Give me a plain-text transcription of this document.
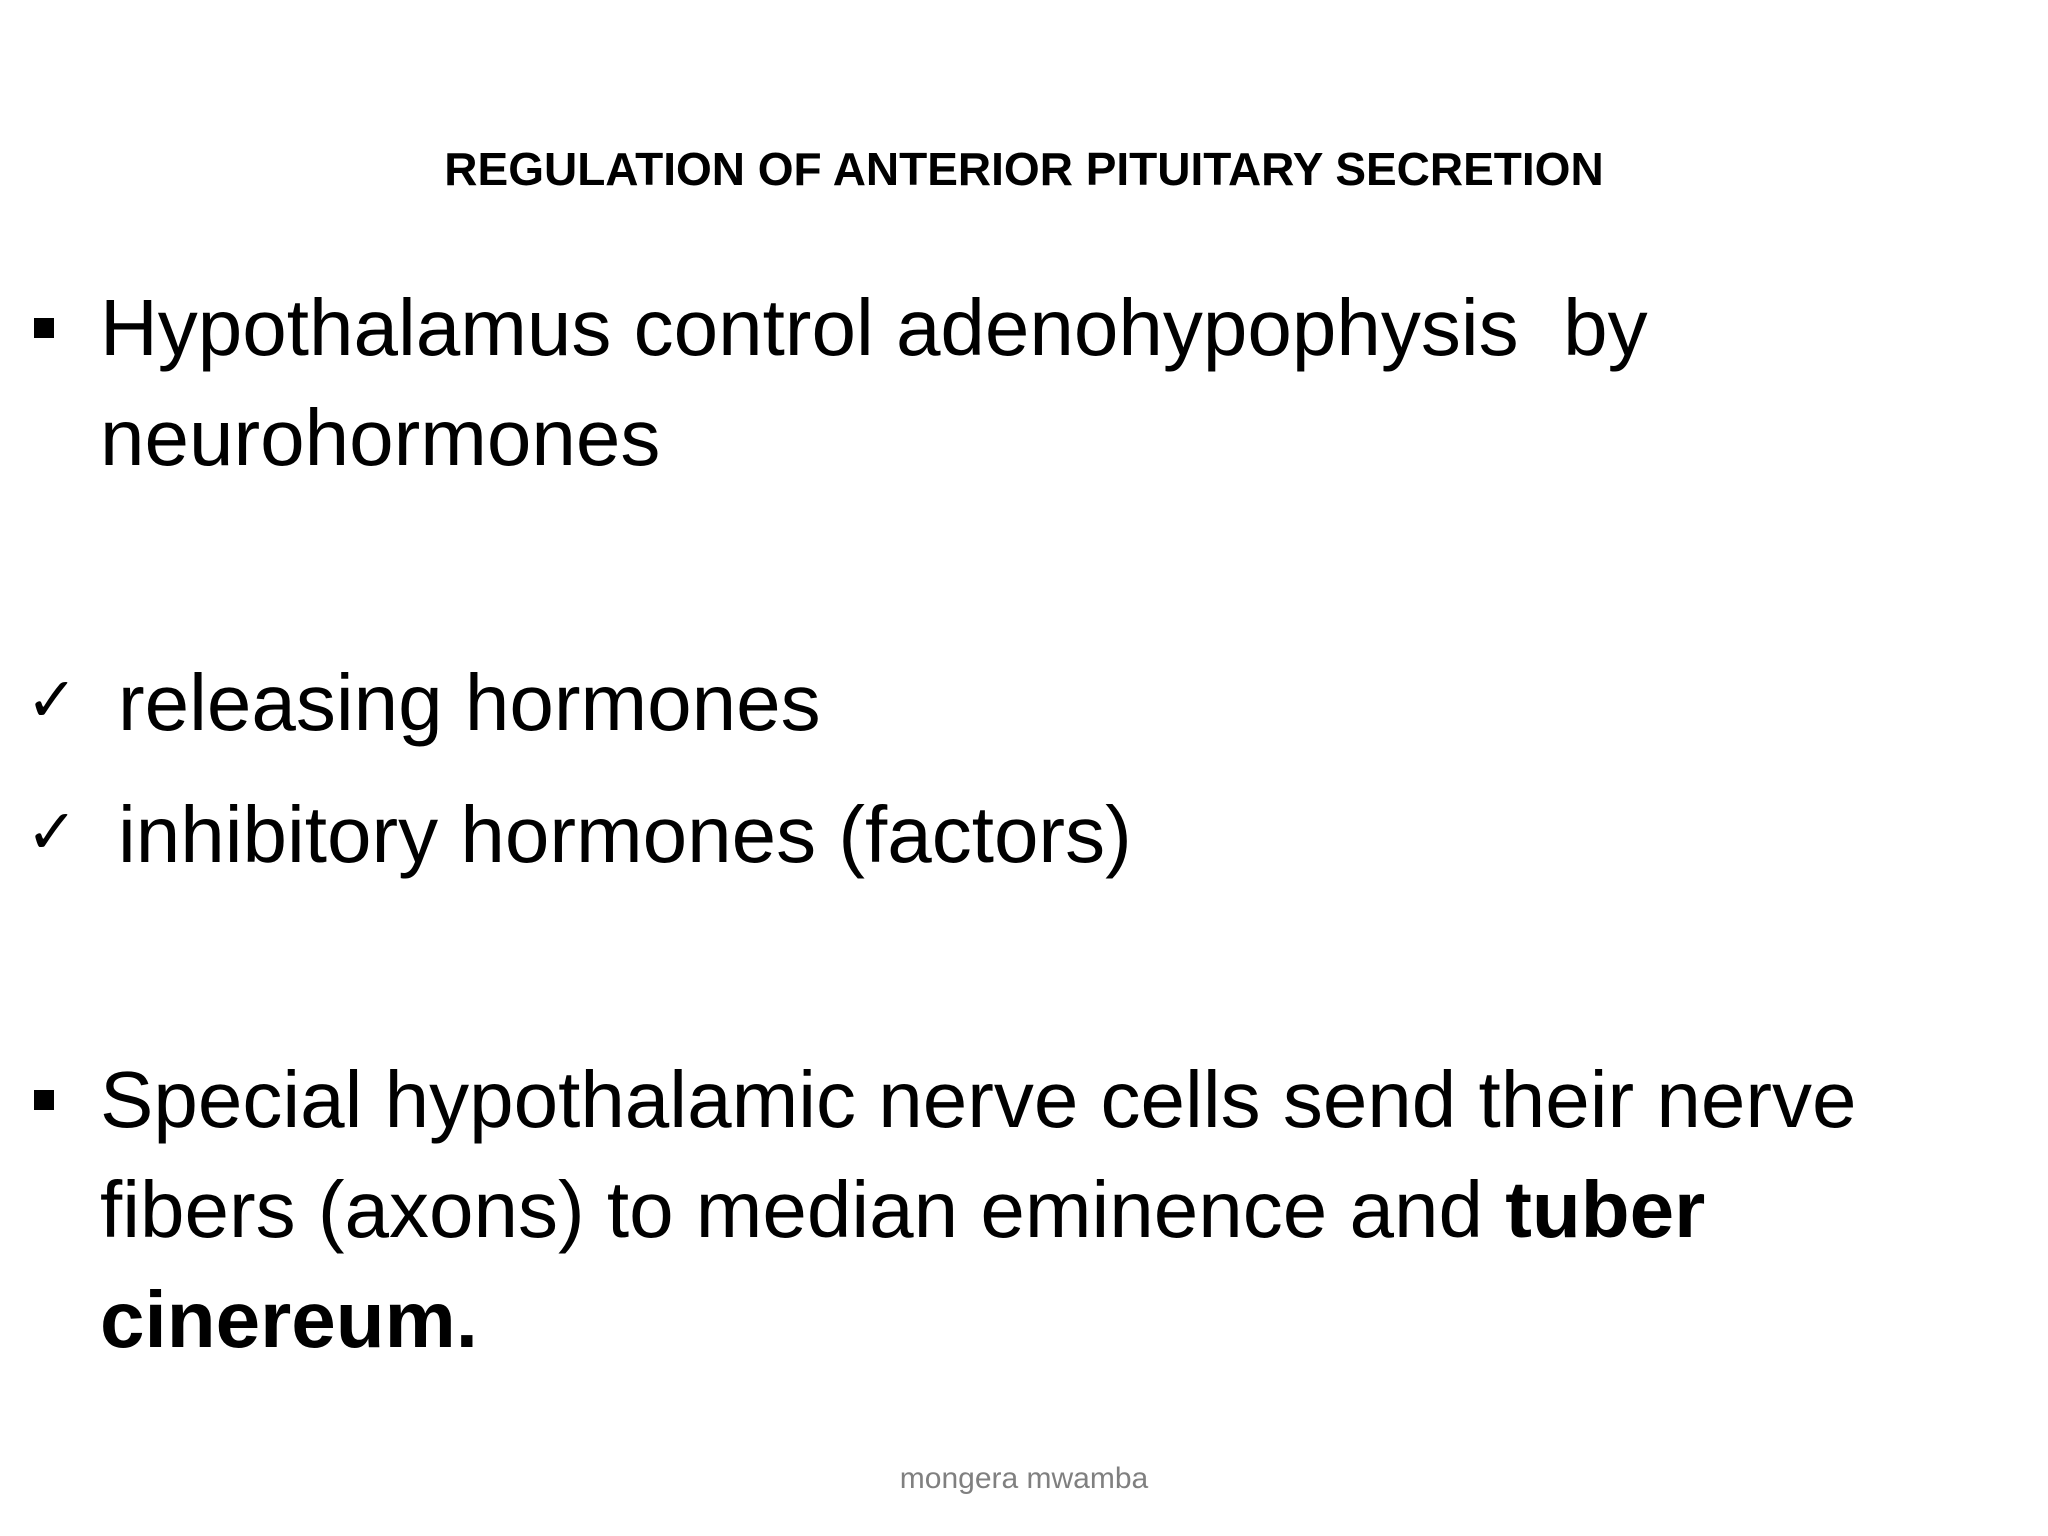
REGULATION OF ANTERIOR PITUITARY SECRETION
Hypothalamus control adenohypophysis  by
neurohormones
✓ releasing hormones
✓ inhibitory hormones (factors)
Special hypothalamic nerve cells send their nerve
fibers (axons) to median eminence and tuber
cinereum.
mongera mwamba
